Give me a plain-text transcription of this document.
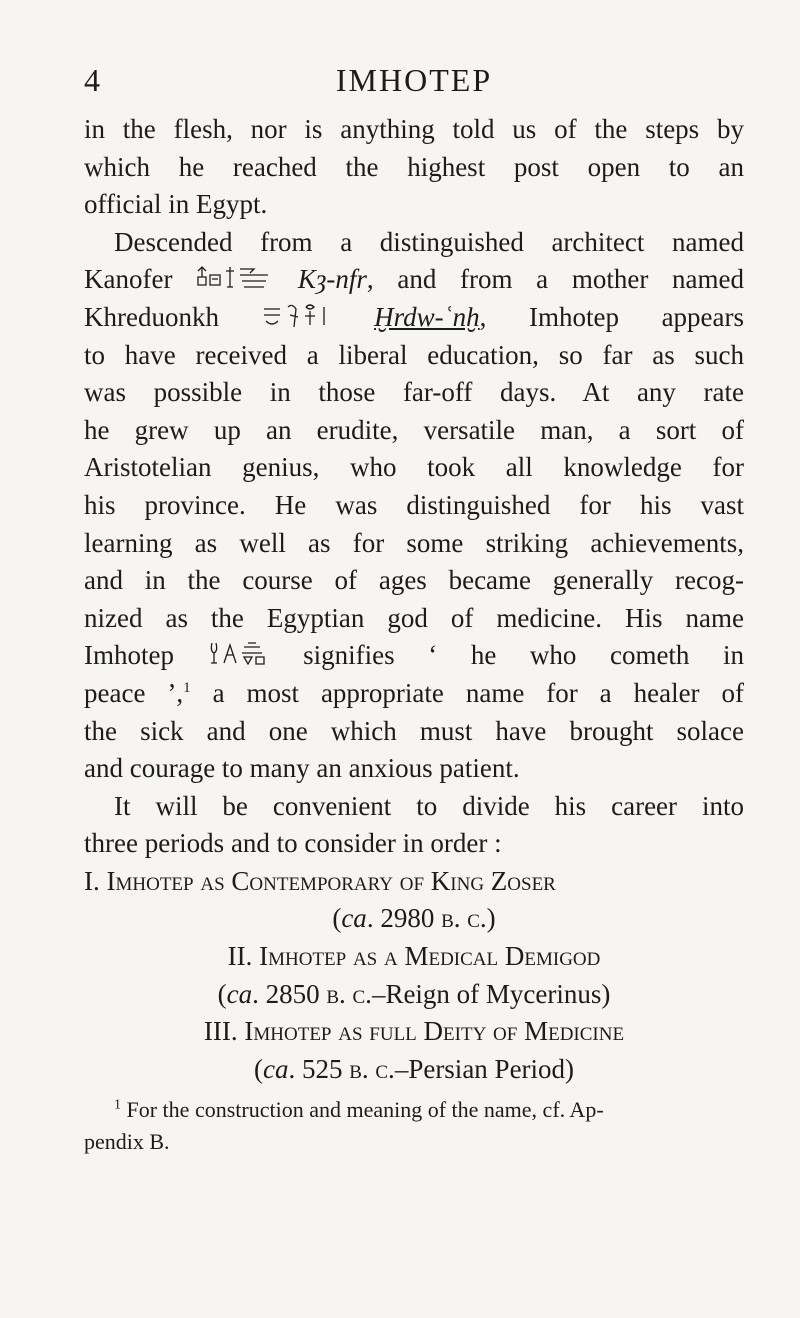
4	IMHOTEP
in the flesh, nor is anything told us of the steps by
which he reached the highest post open to an
official in Egypt.
Descended from a distinguished architect named
Kanofer	Kȝ-nfr, and from a mother named
Khreduonkh	Ḫrdw-ʿnḫ, Imhotep appears
to have received a liberal education, so far as such
was possible in those far-off days. At any rate
he grew up an erudite, versatile man, a sort of
Aristotelian genius, who took all knowledge for
his province. He was distinguished for his vast
learning as well as for some striking achievements,
and in the course of ages became generally recog-
nized as the Egyptian god of medicine. His name
Imhotep	signifies ‘ he who cometh in
peace ’,$^1$ a most appropriate name for a healer of
the sick and one which must have brought solace
and courage to many an anxious patient.
It will be convenient to divide his career into
three periods and to consider in order :
I. Imhotep as Contemporary of King Zoser
(ca. 2980 b. c.)
II. Imhotep as a Medical Demigod
(ca. 2850 b. c.–Reign of Mycerinus)
III. Imhotep as full Deity of Medicine
(ca. 525 b. c.–Persian Period)
$^1$ For the construction and meaning of the name, cf. Ap-
pendix B.
